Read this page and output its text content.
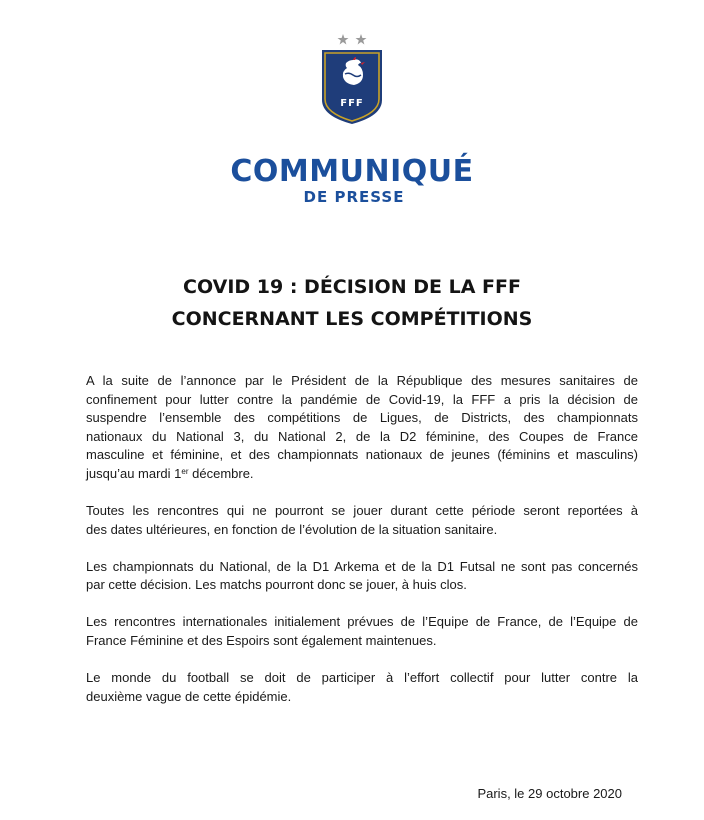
FFF
COMMUNIQUÉ
DE PRESSE
COVID 19 : DÉCISION DE LA FFF
CONCERNANT LES COMPÉTITIONS

A la suite de l’annonce par le Président de la République des mesures sanitaires de
confinement pour lutter contre la pandémie de Covid-19, la FFF a pris la décision de
suspendre l’ensemble des compétitions de Ligues, de Districts, des championnats
nationaux du National 3, du National 2, de la D2 féminine, des Coupes de France
masculine et féminine, et des championnats nationaux de jeunes (féminins et masculins)
jusqu’au mardi 1er décembre.

Toutes les rencontres qui ne pourront se jouer durant cette période seront reportées à
des dates ultérieures, en fonction de l’évolution de la situation sanitaire.

Les championnats du National, de la D1 Arkema et de la D1 Futsal ne sont pas concernés
par cette décision. Les matchs pourront donc se jouer, à huis clos.

Les rencontres internationales initialement prévues de l’Equipe de France, de l’Equipe de
France Féminine et des Espoirs sont également maintenues.

Le monde du football se doit de participer à l’effort collectif pour lutter contre la
deuxième vague de cette épidémie.

Paris, le 29 octobre 2020
